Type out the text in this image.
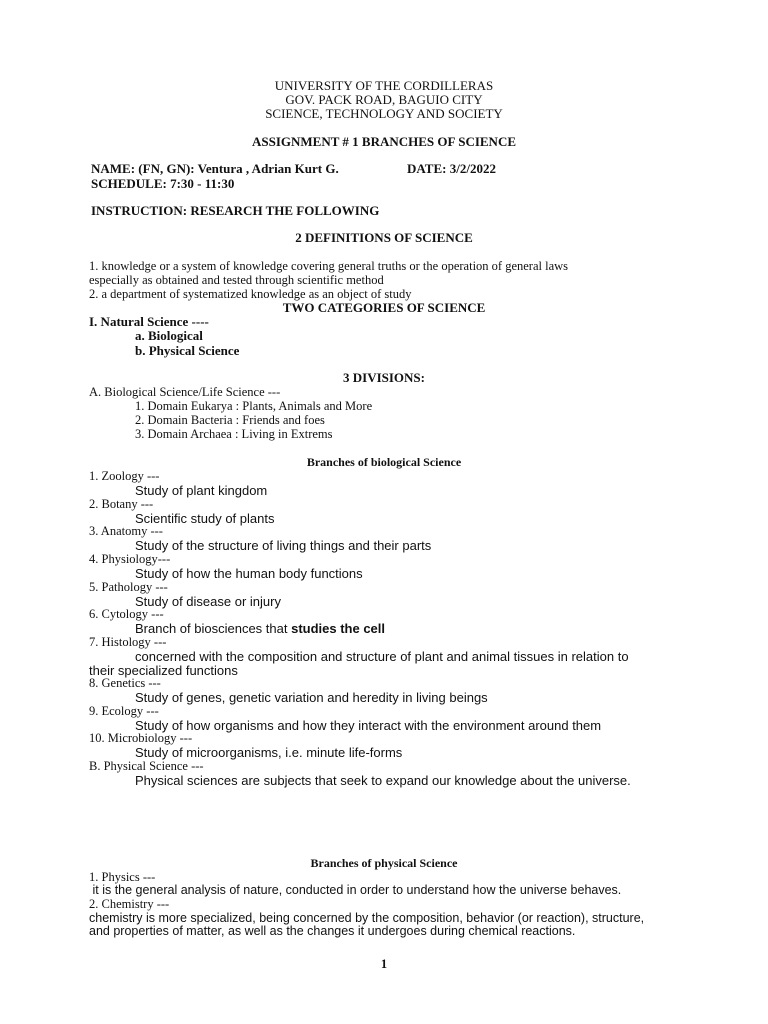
UNIVERSITY OF THE CORDILLERAS
GOV. PACK ROAD, BAGUIO CITY
SCIENCE, TECHNOLOGY AND SOCIETY
ASSIGNMENT # 1 BRANCHES OF SCIENCE
NAME: (FN, GN): Ventura , Adrian Kurt G.	DATE: 3/2/2022
SCHEDULE: 7:30 - 11:30
INSTRUCTION: RESEARCH THE FOLLOWING
2 DEFINITIONS OF SCIENCE
1. knowledge or a system of knowledge covering general truths or the operation of general laws
especially as obtained and tested through scientific method
2. a department of systematized knowledge as an object of study
TWO CATEGORIES OF SCIENCE
I. Natural Science ----
a. Biological
b. Physical Science
3 DIVISIONS:
A. Biological Science/Life Science ---
1. Domain Eukarya : Plants, Animals and More
2. Domain Bacteria : Friends and foes
3. Domain Archaea : Living in Extrems
Branches of biological Science
1. Zoology ---
Study of plant kingdom
2. Botany ---
Scientific study of plants
3. Anatomy ---
Study of the structure of living things and their parts
4. Physiology---
Study of how the human body functions
5. Pathology ---
Study of disease or injury
6. Cytology ---
Branch of biosciences that studies the cell
7. Histology ---
concerned with the composition and structure of plant and animal tissues in relation to
their specialized functions
8. Genetics ---
Study of genes, genetic variation and heredity in living beings
9. Ecology ---
Study of how organisms and how they interact with the environment around them
10. Microbiology ---
Study of microorganisms, i.e. minute life-forms
B. Physical Science ---
Physical sciences are subjects that seek to expand our knowledge about the universe.
Branches of physical Science
1. Physics ---
it is the general analysis of nature, conducted in order to understand how the universe behaves.
2. Chemistry ---
chemistry is more specialized, being concerned by the composition, behavior (or reaction), structure,
and properties of matter, as well as the changes it undergoes during chemical reactions.
1
